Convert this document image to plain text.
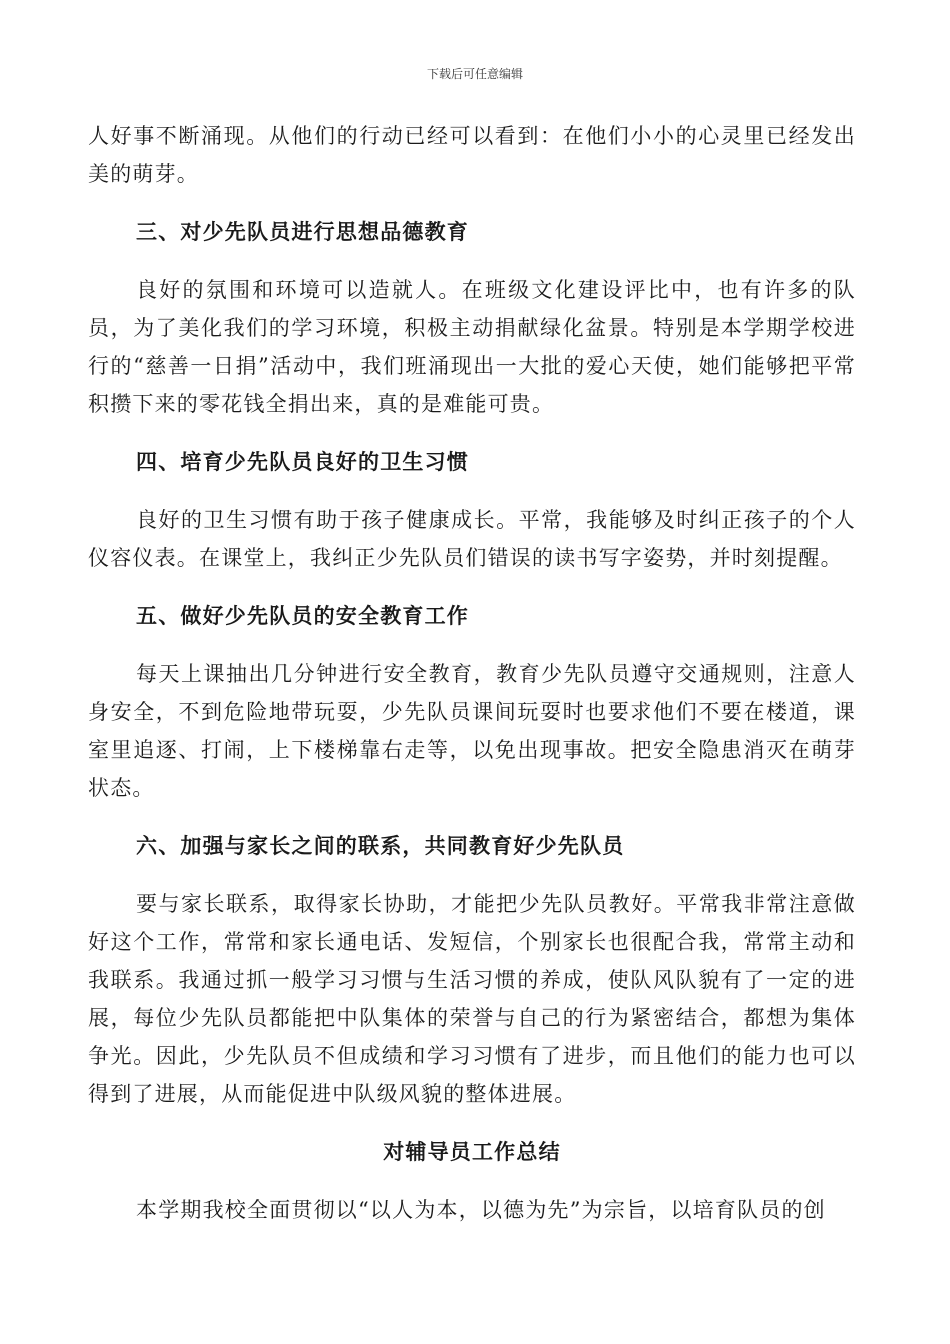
下载后可任意编辑

人好事不断涌现。从他们的行动已经可以看到：在他们小小的心灵里已经发出美的萌芽。

三、对少先队员进行思想品德教育

良好的氛围和环境可以造就人。在班级文化建设评比中，也有许多的队员，为了美化我们的学习环境，积极主动捐献绿化盆景。特别是本学期学校进行的“慈善一日捐”活动中，我们班涌现出一大批的爱心天使，她们能够把平常积攒下来的零花钱全捐出来，真的是难能可贵。

四、培育少先队员良好的卫生习惯

良好的卫生习惯有助于孩子健康成长。平常，我能够及时纠正孩子的个人仪容仪表。在课堂上，我纠正少先队员们错误的读书写字姿势，并时刻提醒。

五、做好少先队员的安全教育工作

每天上课抽出几分钟进行安全教育，教育少先队员遵守交通规则，注意人身安全，不到危险地带玩耍，少先队员课间玩耍时也要求他们不要在楼道，课室里追逐、打闹，上下楼梯靠右走等，以免出现事故。把安全隐患消灭在萌芽状态。

六、加强与家长之间的联系，共同教育好少先队员

要与家长联系，取得家长协助，才能把少先队员教好。平常我非常注意做好这个工作，常常和家长通电话、发短信，个别家长也很配合我，常常主动和我联系。我通过抓一般学习习惯与生活习惯的养成，使队风队貌有了一定的进展，每位少先队员都能把中队集体的荣誉与自己的行为紧密结合，都想为集体争光。因此，少先队员不但成绩和学习习惯有了进步，而且他们的能力也可以得到了进展，从而能促进中队级风貌的整体进展。

对辅导员工作总结

本学期我校全面贯彻以“以人为本，以德为先”为宗旨，以培育队员的创
